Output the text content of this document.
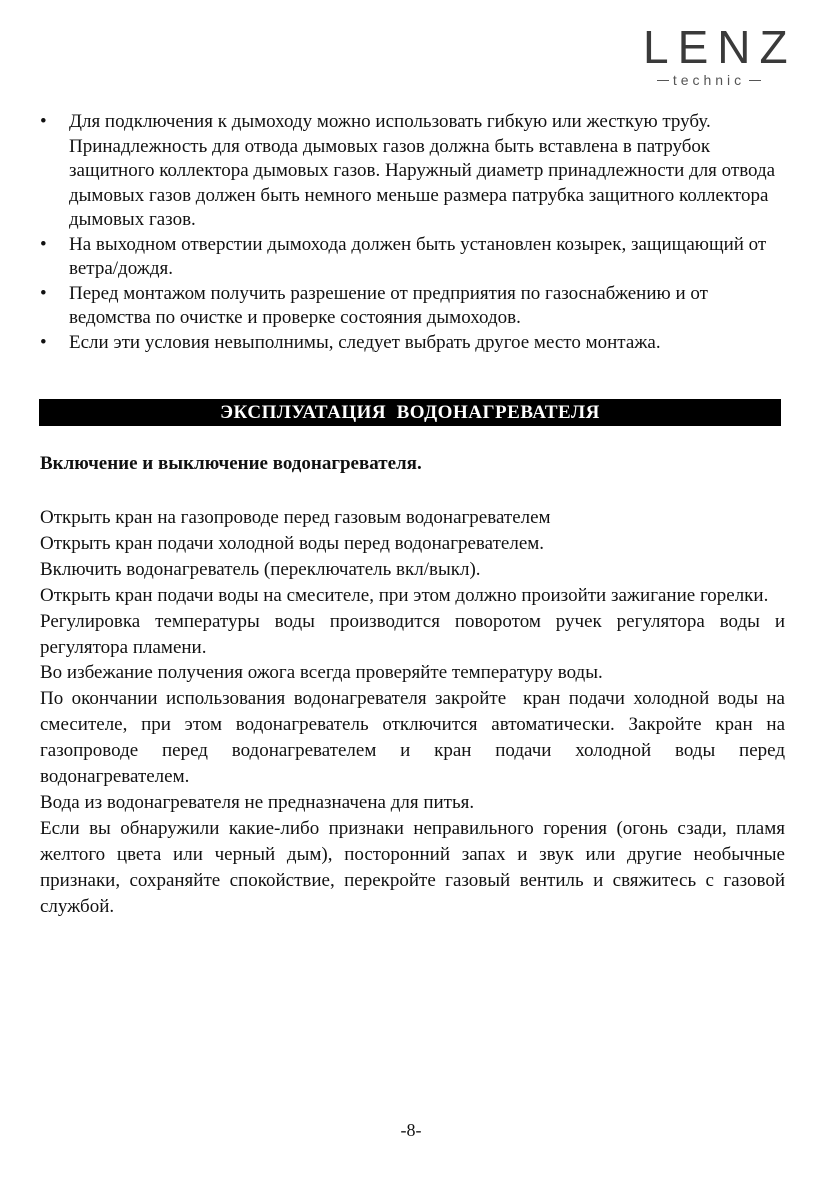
LENZ
technic
• Для подключения к дымоходу можно использовать гибкую или жесткую трубу. Принадлежность для отвода дымовых газов должна быть вставлена в патрубок защитного коллектора дымовых газов. Наружный диаметр принадлежности для отвода дымовых газов должен быть немного меньше размера патрубка защитного коллектора дымовых газов.
• На выходном отверстии дымохода должен быть установлен козырек, защищающий от ветра/дождя.
• Перед монтажом получить разрешение от предприятия по газоснабжению и от ведомства по очистке и проверке состояния дымоходов.
• Если эти условия невыполнимы, следует выбрать другое место монтажа.
ЭКСПЛУАТАЦИЯ  ВОДОНАГРЕВАТЕЛЯ
Включение и выключение водонагревателя.

Открыть кран на газопроводе перед газовым водонагревателем

Открыть кран подачи холодной воды перед водонагревателем.

Включить водонагреватель (переключатель вкл/выкл).

Открыть кран подачи воды на смесителе, при этом должно произойти зажигание горелки.

Регулировка температуры воды производится поворотом ручек регулятора воды и регулятора пламени.

Во избежание получения ожога всегда проверяйте температуру воды.

По окончании использования водонагревателя закройте  кран подачи холодной воды на смесителе, при этом водонагреватель отключится автоматически. Закройте кран на газопроводе перед водонагревателем и кран подачи холодной воды перед водонагревателем.

Вода из водонагревателя не предназначена для питья.

Если вы обнаружили какие-либо признаки неправильного горения (огонь сзади, пламя желтого цвета или черный дым), посторонний запах и звук или другие необычные признаки, сохраняйте спокойствие, перекройте газовый вентиль и свяжитесь с газовой службой.

-8-
